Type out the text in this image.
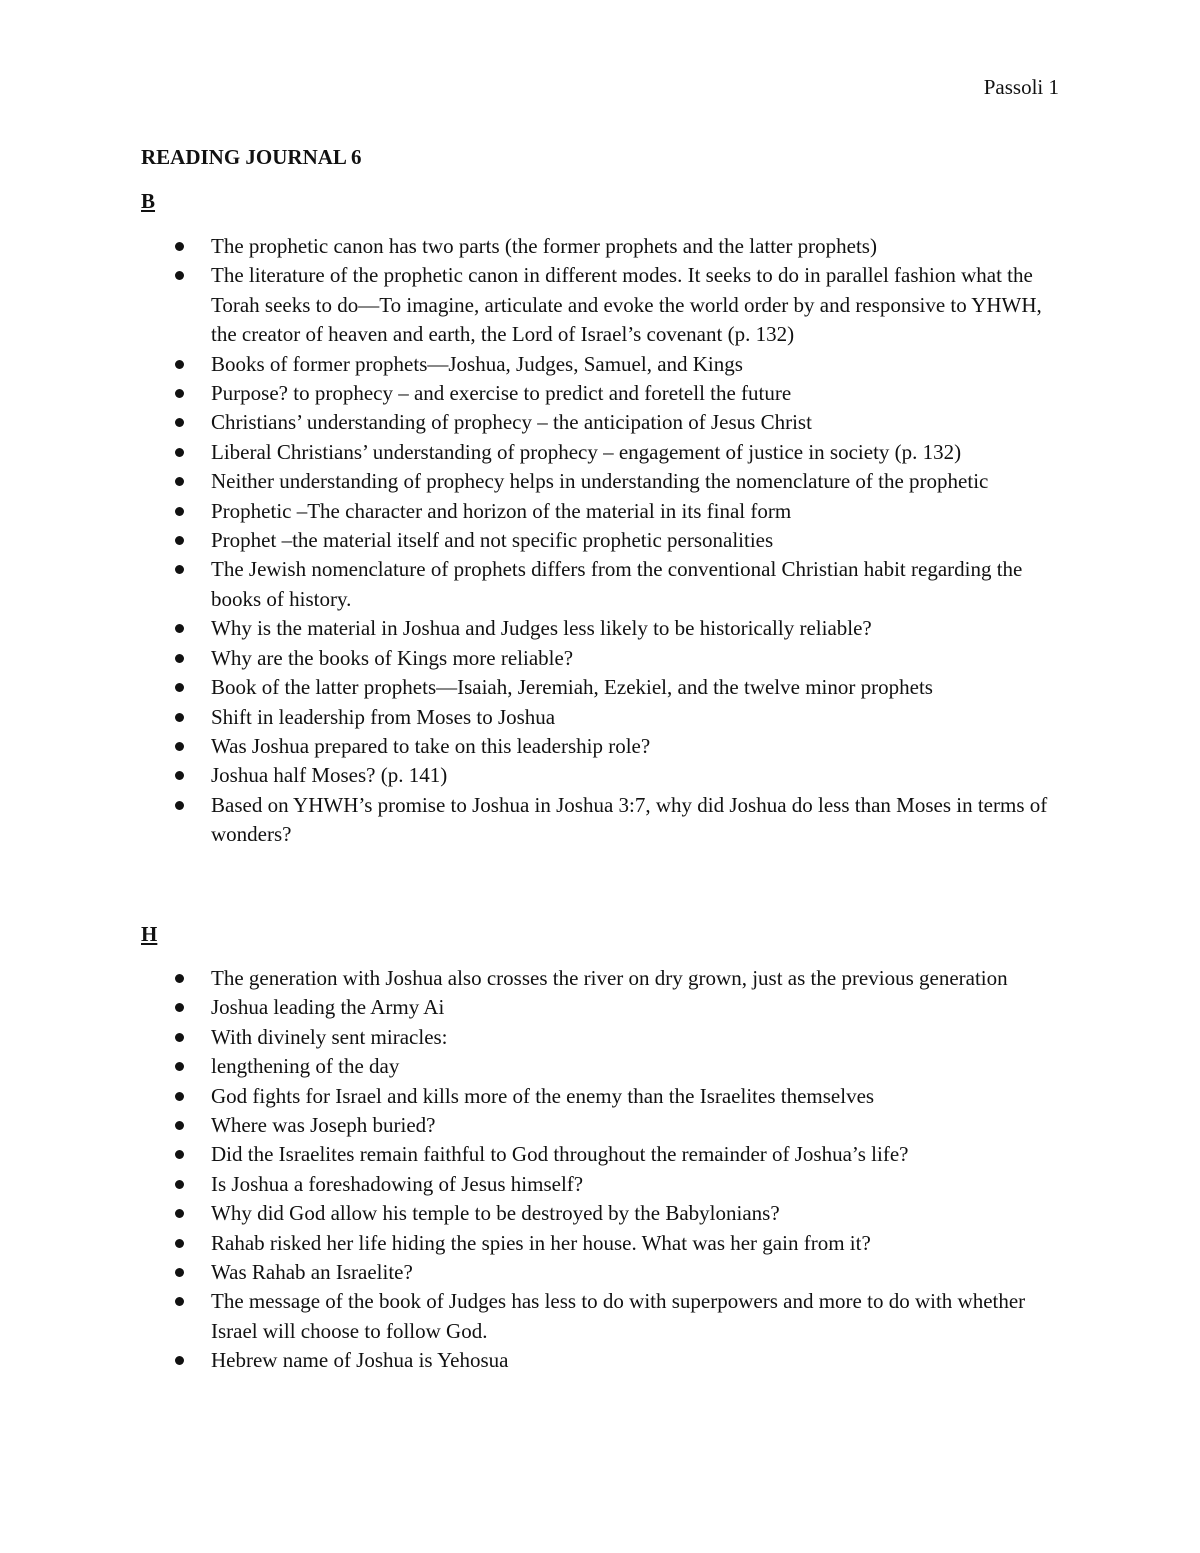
Passoli 1
READING JOURNAL 6
B
The prophetic canon has two parts (the former prophets and the latter prophets)
The literature of the prophetic canon in different modes. It seeks to do in parallel fashion what the Torah seeks to do—To imagine, articulate and evoke the world order by and responsive to YHWH, the creator of heaven and earth, the Lord of Israel’s covenant (p. 132)
Books of former prophets—Joshua, Judges, Samuel, and Kings
Purpose? to prophecy – and exercise to predict and foretell the future
Christians’ understanding of prophecy – the anticipation of Jesus Christ
Liberal Christians’ understanding of prophecy – engagement of justice in society (p. 132)
Neither understanding of prophecy helps in understanding the nomenclature of the prophetic
Prophetic –The character and horizon of the material in its final form
Prophet –the material itself and not specific prophetic personalities
The Jewish nomenclature of prophets differs from the conventional Christian habit regarding the books of history.
Why is the material in Joshua and Judges less likely to be historically reliable?
Why are the books of Kings more reliable?
Book of the latter prophets—Isaiah, Jeremiah, Ezekiel, and the twelve minor prophets
Shift in leadership from Moses to Joshua
Was Joshua prepared to take on this leadership role?
Joshua half Moses? (p. 141)
Based on YHWH’s promise to Joshua in Joshua 3:7, why did Joshua do less than Moses in terms of wonders?
H
The generation with Joshua also crosses the river on dry grown, just as the previous generation
Joshua leading the Army Ai
With divinely sent miracles:
lengthening of the day
God fights for Israel and kills more of the enemy than the Israelites themselves
Where was Joseph buried?
Did the Israelites remain faithful to God throughout the remainder of Joshua’s life?
Is Joshua a foreshadowing of Jesus himself?
Why did God allow his temple to be destroyed by the Babylonians?
Rahab risked her life hiding the spies in her house. What was her gain from it?
Was Rahab an Israelite?
The message of the book of Judges has less to do with superpowers and more to do with whether Israel will choose to follow God.
Hebrew name of Joshua is Yehosua
